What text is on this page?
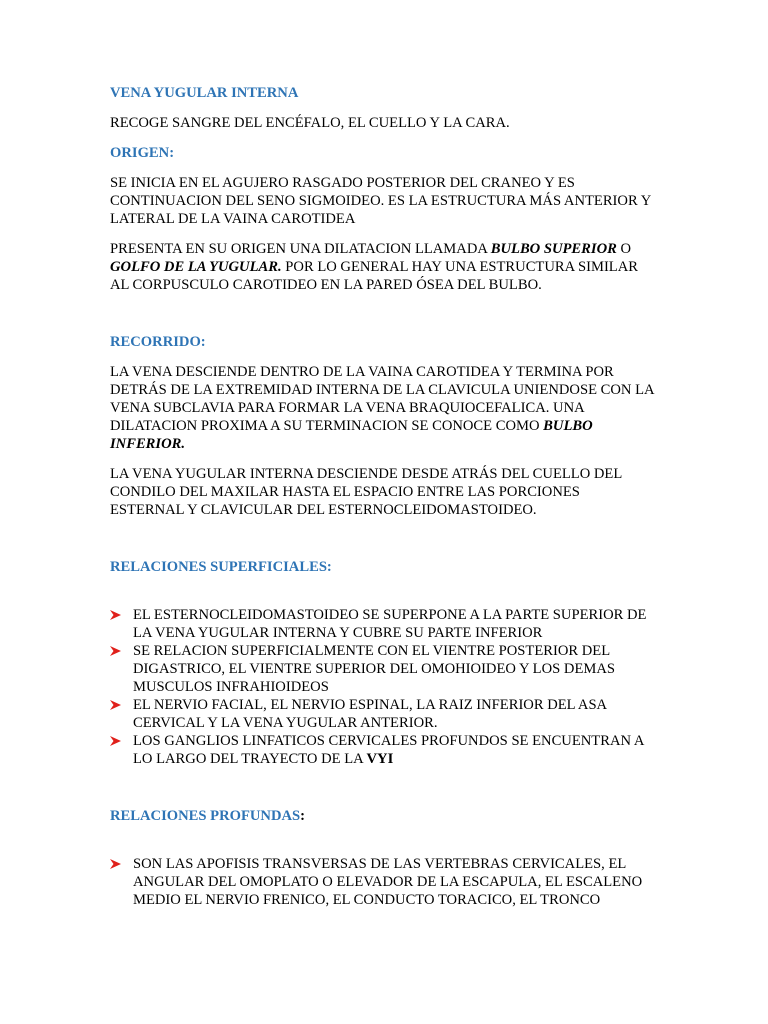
VENA YUGULAR INTERNA

RECOGE SANGRE DEL ENCÉFALO, EL CUELLO Y LA CARA.

ORIGEN:

SE INICIA EN EL AGUJERO RASGADO POSTERIOR DEL CRANEO Y ES CONTINUACION DEL SENO SIGMOIDEO. ES LA ESTRUCTURA MÁS ANTERIOR Y LATERAL DE LA VAINA CAROTIDEA

PRESENTA EN SU ORIGEN UNA DILATACION LLAMADA BULBO SUPERIOR O GOLFO DE LA YUGULAR. POR LO GENERAL HAY UNA ESTRUCTURA SIMILAR AL CORPUSCULO CAROTIDEO EN LA PARED ÓSEA DEL BULBO.

RECORRIDO:

LA VENA DESCIENDE DENTRO DE LA VAINA CAROTIDEA Y TERMINA POR DETRÁS DE LA EXTREMIDAD INTERNA DE LA CLAVICULA UNIENDOSE CON LA VENA SUBCLAVIA PARA FORMAR LA VENA BRAQUIOCEFALICA. UNA DILATACION PROXIMA A SU TERMINACION SE CONOCE COMO BULBO INFERIOR.

LA VENA YUGULAR INTERNA DESCIENDE DESDE ATRÁS DEL CUELLO DEL CONDILO DEL MAXILAR HASTA EL ESPACIO ENTRE LAS PORCIONES ESTERNAL Y CLAVICULAR DEL ESTERNOCLEIDOMASTOIDEO.

RELACIONES SUPERFICIALES:

EL ESTERNOCLEIDOMASTOIDEO SE SUPERPONE A LA PARTE SUPERIOR DE LA VENA YUGULAR INTERNA Y CUBRE SU PARTE INFERIOR
SE RELACION SUPERFICIALMENTE CON EL VIENTRE POSTERIOR DEL DIGASTRICO, EL VIENTRE SUPERIOR DEL OMOHIOIDEO Y LOS DEMAS MUSCULOS INFRAHIOIDEOS
EL NERVIO FACIAL, EL NERVIO ESPINAL, LA RAIZ INFERIOR DEL ASA CERVICAL Y LA VENA YUGULAR ANTERIOR.
LOS GANGLIOS LINFATICOS CERVICALES PROFUNDOS SE ENCUENTRAN A LO LARGO DEL TRAYECTO DE LA VYI

RELACIONES PROFUNDAS:

SON LAS APOFISIS TRANSVERSAS DE LAS VERTEBRAS CERVICALES, EL ANGULAR DEL OMOPLATO O ELEVADOR DE LA ESCAPULA, EL ESCALENO MEDIO EL NERVIO FRENICO, EL CONDUCTO TORACICO, EL TRONCO
